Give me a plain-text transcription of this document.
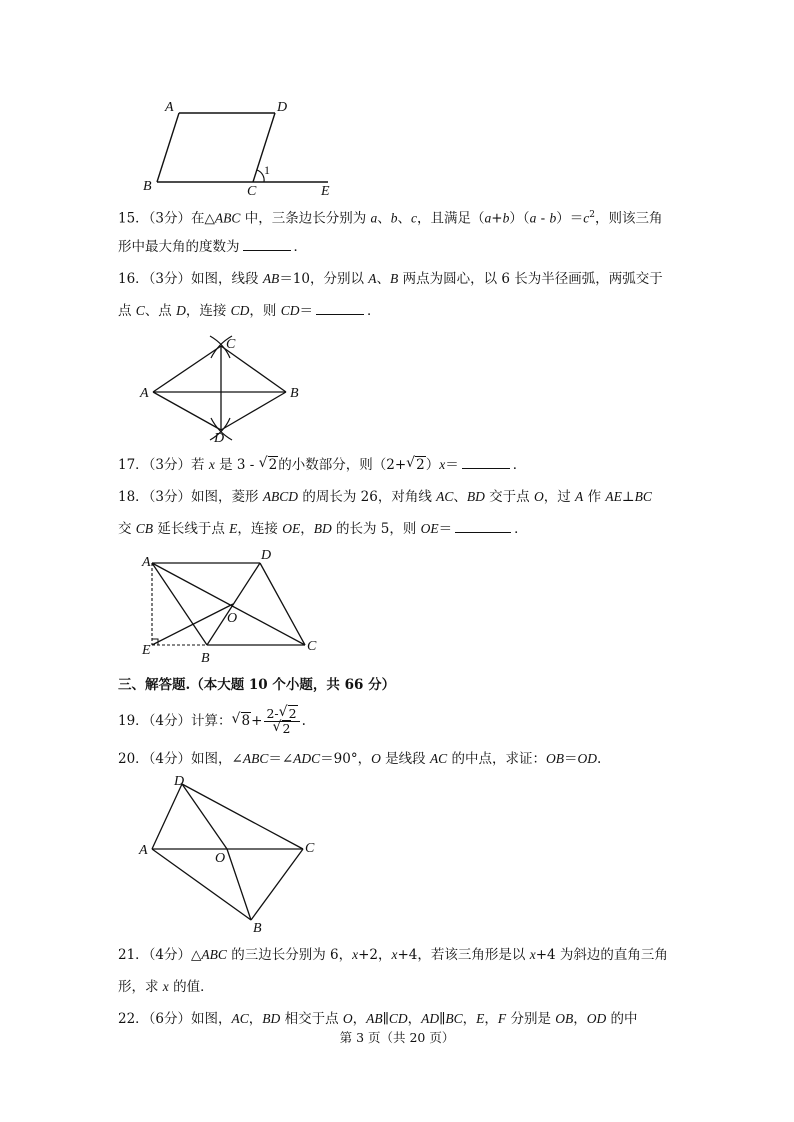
A	D
B	C	E
1
15．（3分）在△ABC 中，三条边长分别为 a、b、c，且满足$(a+b)(a - b)=c^2$，则该三角
形中最大角的度数为	．
16．（3分）如图，线段 AB＝10，分别以 A、B 两点为圆心，以 6 长为半径画弧，两弧交于
点 C、点 D，连接 CD，则 CD＝	．
A	B
C
D
17．（3分）若 x 是 3 - √ 2的小数部分，则（2+ √ 2）x＝	．
18．（3分）如图，菱形 ABCD 的周长为 26，对角线 AC、BD 交于点 O，过 A 作 AE⊥BC
交 CB 延长线于点 E，连接 OE，BD 的长为 5，则 OE＝	．
A	D
E
B
C
O
三、解答题.（本大题 10 个小题，共 66 分）
19．（4分）计算： √ $8+ \frac{2- √ 2}{√ 2}$ .
20．（4分）如图，∠ABC＝∠ADC＝90°，O 是线段 AC 的中点，求证：OB＝OD.
D
A
O
C
B
21．（4分）△ABC 的三边长分别为 6，x+2，x+4，若该三角形是以 x+4 为斜边的直角三角
形，求 x 的值．
22．（6分）如图，AC，BD 相交于点 O，AB∥CD，AD∥BC，E，F 分别是 OB，OD 的中
第 3 页（共 20 页）
